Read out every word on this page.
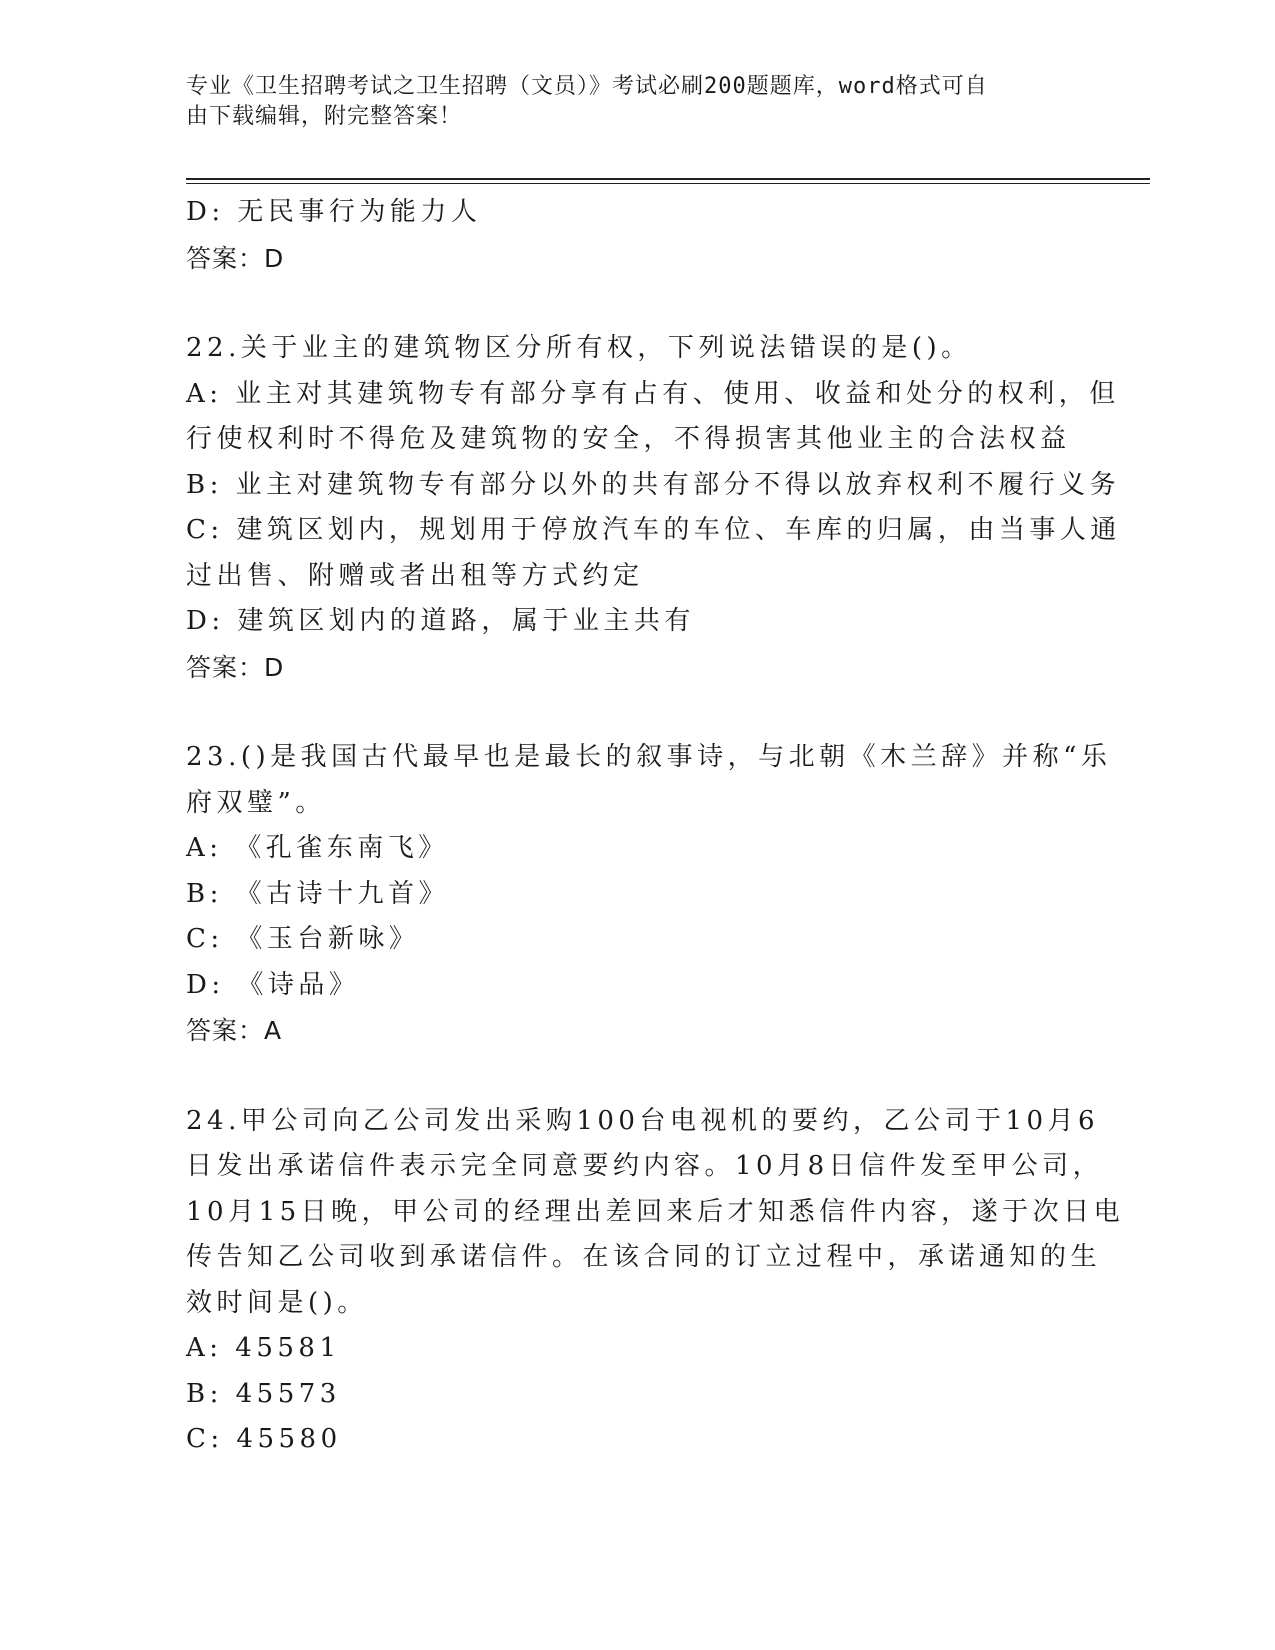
专业《卫生招聘考试之卫生招聘（文员）》考试必刷200题题库，word格式可自
由下载编辑，附完整答案！
D: 无民事行为能力人
答案：D
22.关于业主的建筑物区分所有权，下列说法错误的是()。
A: 业主对其建筑物专有部分享有占有、使用、收益和处分的权利，但
行使权利时不得危及建筑物的安全，不得损害其他业主的合法权益
B: 业主对建筑物专有部分以外的共有部分不得以放弃权利不履行义务
C: 建筑区划内，规划用于停放汽车的车位、车库的归属，由当事人通
过出售、附赠或者出租等方式约定
D: 建筑区划内的道路，属于业主共有
答案：D
23.()是我国古代最早也是最长的叙事诗，与北朝《木兰辞》并称“乐
府双璧”。
A: 《孔雀东南飞》
B: 《古诗十九首》
C: 《玉台新咏》
D: 《诗品》
答案：A
24.甲公司向乙公司发出采购100台电视机的要约，乙公司于10月6
日发出承诺信件表示完全同意要约内容。10月8日信件发至甲公司，
10月15日晚，甲公司的经理出差回来后才知悉信件内容，遂于次日电
传告知乙公司收到承诺信件。在该合同的订立过程中，承诺通知的生
效时间是()。
A: 45581
B: 45573
C: 45580
